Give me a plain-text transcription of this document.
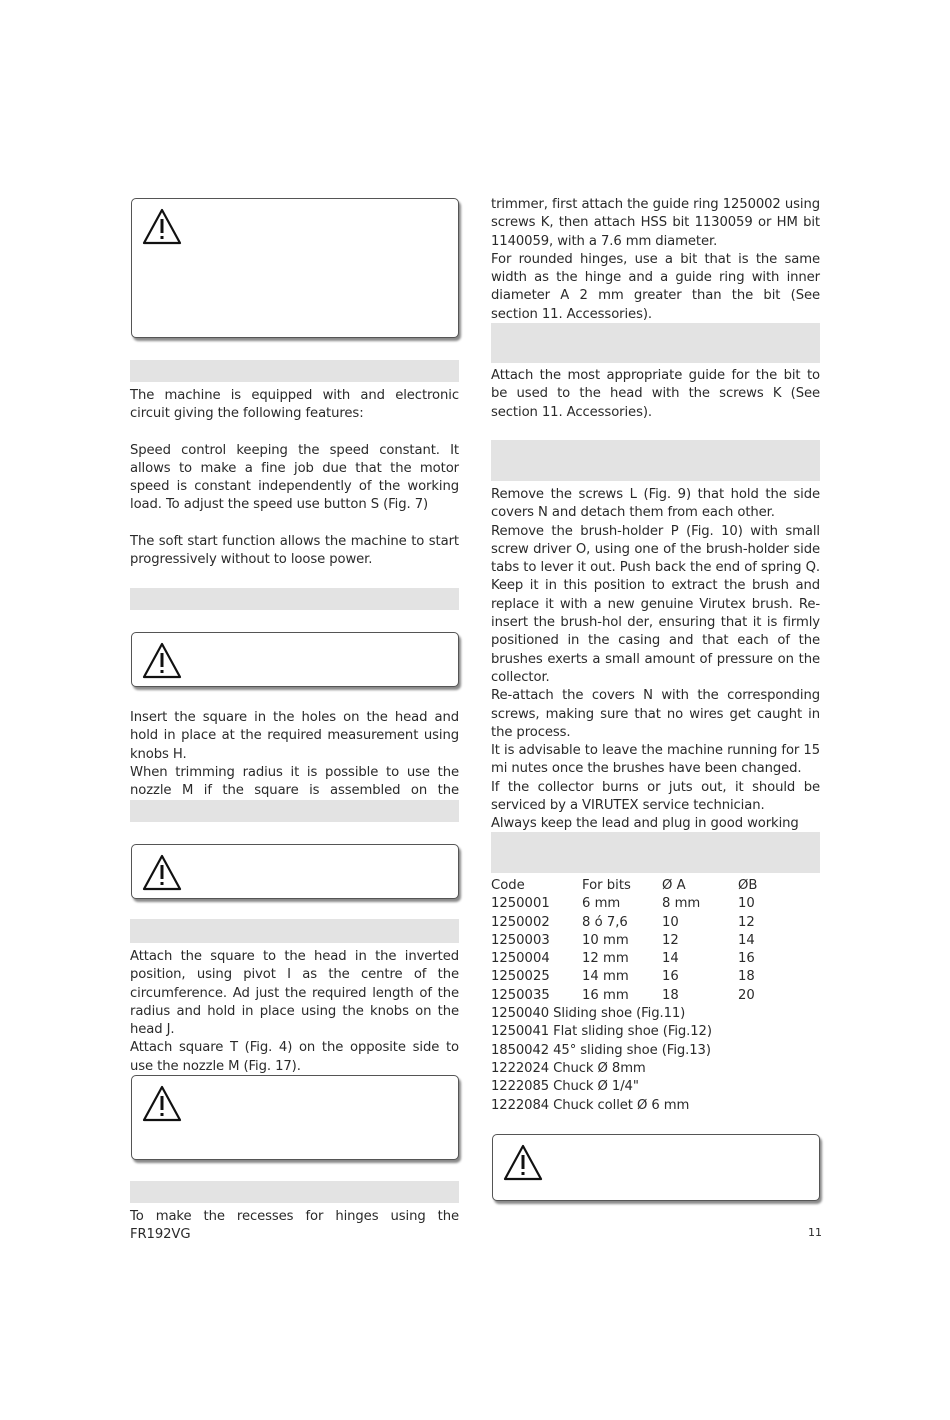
The machine is equipped with and electronic circuit giving the following features:

Speed control keeping the speed constant. It allows to make a fine job due that the motor speed is constant independently of the working load. To adjust the speed use button S (Fig. 7)

The soft start function allows the machine to start progressively without to loose power.

Insert the square in the holes on the head and hold in place at the required measurement using knobs H.

When trimming radius it is possible to use the nozzle M if the square is assembled on the

Attach the square to the head in the inverted position, using pivot I as the centre of the circumference. Ad just the required length of the radius and hold in place using the knobs on the head J.

Attach square T (Fig. 4) on the opposite side to use the nozzle M (Fig. 17).

To make the recesses for hinges using the FR192VG

trimmer, first attach the guide ring 1250002 using screws K, then attach HSS bit 1130059 or HM bit 1140059, with a 7.6 mm diameter.

For rounded hinges, use a bit that is the same width as the hinge and a guide ring with inner diameter A 2 mm greater than the bit (See section 11. Accessories).

Attach the most appropriate guide for the bit to be used to the head with the screws K (See section 11. Accessories).

Remove the screws L (Fig. 9) that hold the side covers N and detach them from each other.

Remove the brush-holder P (Fig. 10) with small screw driver O, using one of the brush-holder side tabs to lever it out. Push back the end of spring Q. Keep it in this position to extract the brush and replace it with a new genuine Virutex brush. Re-insert the brush-hol der, ensuring that it is firmly positioned in the casing and that each of the brushes exerts a small amount of pressure on the collector.

Re-attach the covers N with the corresponding screws, making sure that no wires get caught in the process.

It is advisable to leave the machine running for 15 mi nutes once the brushes have been changed.

If the collector burns or juts out, it should be serviced by a VIRUTEX service technician.

Always keep the lead and plug in good working

Code	For bits	Ø A	ØB
1250001	6 mm	8 mm	10
1250002	8 ó 7,6	10	12
1250003	10 mm	12	14
1250004	12 mm	14	16
1250025	14 mm	16	18
1250035	16 mm	18	20

1250040 Sliding shoe (Fig.11)

1250041 Flat sliding shoe (Fig.12)

1850042 45° sliding shoe (Fig.13)

1222024 Chuck Ø 8mm

1222085 Chuck Ø 1/4"

1222084 Chuck collet Ø 6 mm

11
